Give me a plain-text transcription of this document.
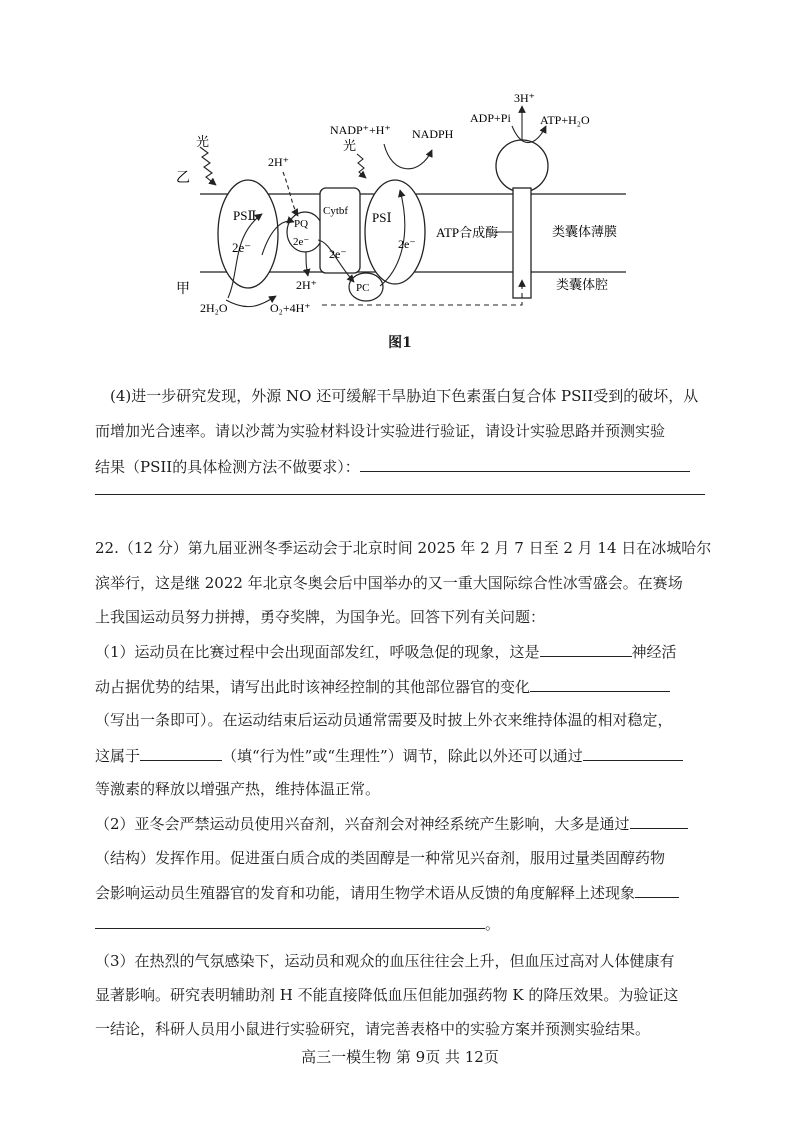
乙
甲
光	光
PSⅡ	PSⅠ
PQ
Cytbf
PC
2e⁻	2e⁻
2e⁻
2e⁻
2H⁺
2H⁺
2H₂O	O₂+4H⁺
NADP⁺+H⁺ NADPH
ADP+Pi ATP+H₂O
3H⁺
ATP合成酶	类囊体薄膜
类囊体腔
图1
(4)进一步研究发现，外源 NO 还可缓解干旱胁迫下色素蛋白复合体 PSII受到的破坏，从
而增加光合速率。请以沙蒿为实验材料设计实验进行验证，请设计实验思路并预测实验
结果（PSII的具体检测方法不做要求）：
22.（12 分）第九届亚洲冬季运动会于北京时间 2025 年 2 月 7 日至 2 月 14 日在冰城哈尔
滨举行，这是继 2022 年北京冬奥会后中国举办的又一重大国际综合性冰雪盛会。在赛场
上我国运动员努力拼搏，勇夺奖牌，为国争光。回答下列有关问题：
（1）运动员在比赛过程中会出现面部发红，呼吸急促的现象，这是	神经活
动占据优势的结果，请写出此时该神经控制的其他部位器官的变化
（写出一条即可）。在运动结束后运动员通常需要及时披上外衣来维持体温的相对稳定，
这属于	（填“行为性”或“生理性”）调节，除此以外还可以通过
等激素的释放以增强产热，维持体温正常。
（2）亚冬会严禁运动员使用兴奋剂，兴奋剂会对神经系统产生影响，大多是通过
（结构）发挥作用。促进蛋白质合成的类固醇是一种常见兴奋剂，服用过量类固醇药物
会影响运动员生殖器官的发育和功能，请用生物学术语从反馈的角度解释上述现象
。
（3）在热烈的气氛感染下，运动员和观众的血压往往会上升，但血压过高对人体健康有
显著影响。研究表明辅助剂 H 不能直接降低血压但能加强药物 K 的降压效果。为验证这
一结论，科研人员用小鼠进行实验研究，请完善表格中的实验方案并预测实验结果。
高三一模生物 第 9页 共 12页
